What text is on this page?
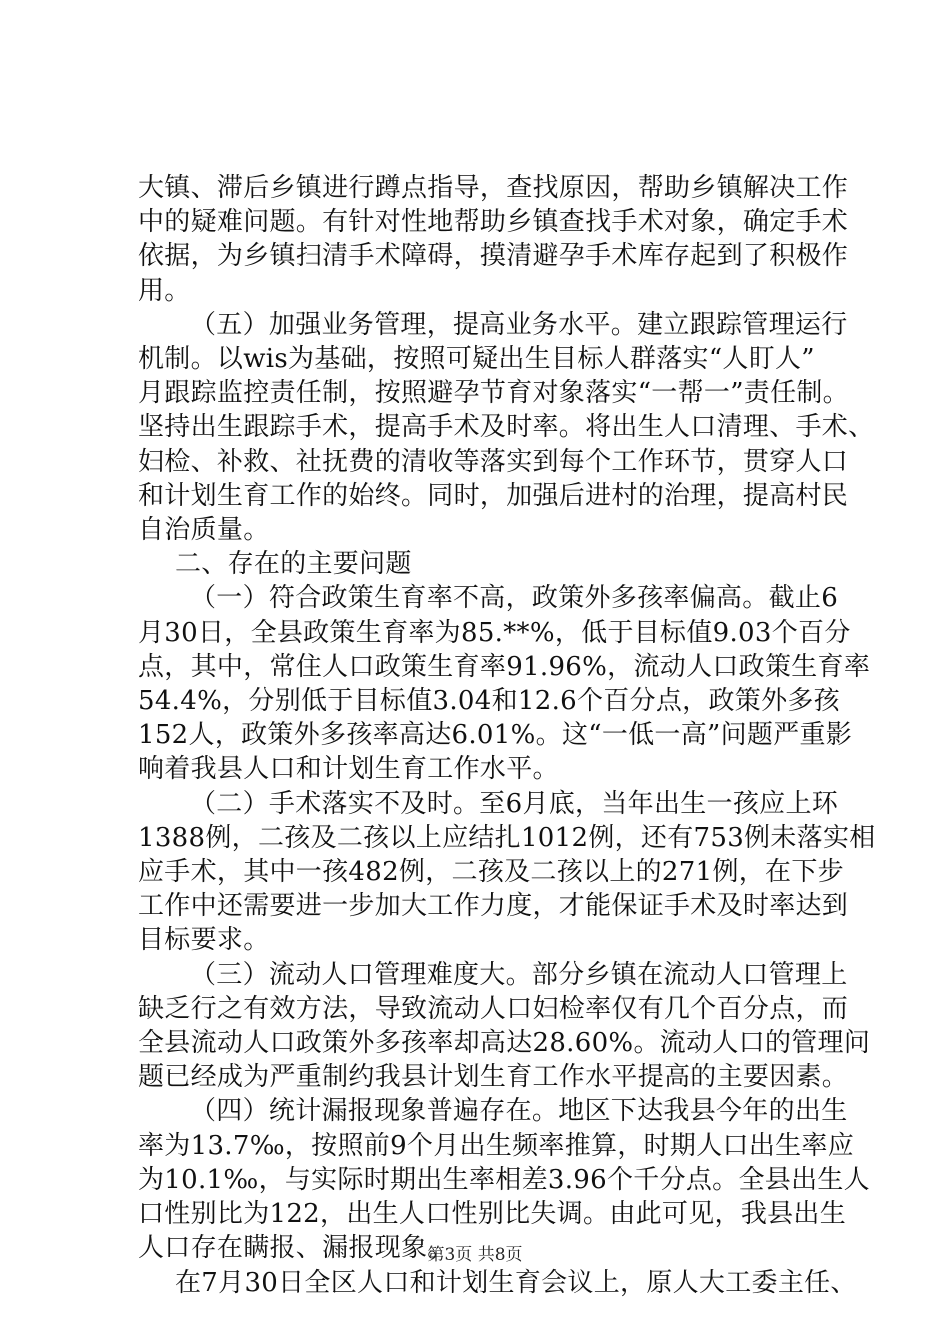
大镇、滞后乡镇进行蹲点指导，查找原因，帮助乡镇解决工作
中的疑难问题。有针对性地帮助乡镇查找手术对象，确定手术
依据，为乡镇扫清手术障碍，摸清避孕手术库存起到了积极作
用。
（五）加强业务管理，提高业务水平。建立跟踪管理运行
机制。以wis为基础，按照可疑出生目标人群落实“人盯人”
月跟踪监控责任制，按照避孕节育对象落实“一帮一”责任制。
坚持出生跟踪手术，提高手术及时率。将出生人口清理、手术、
妇检、补救、社抚费的清收等落实到每个工作环节，贯穿人口
和计划生育工作的始终。同时，加强后进村的治理，提高村民
自治质量。
二、存在的主要问题
（一）符合政策生育率不高，政策外多孩率偏高。截止6
月30日，全县政策生育率为85.**%，低于目标值9.03个百分
点，其中，常住人口政策生育率91.96%，流动人口政策生育率
54.4%，分别低于目标值3.04和12.6个百分点，政策外多孩
152人，政策外多孩率高达6.01%。这“一低一高”问题严重影
响着我县人口和计划生育工作水平。
（二）手术落实不及时。至6月底，当年出生一孩应上环
1388例，二孩及二孩以上应结扎1012例，还有753例未落实相
应手术，其中一孩482例，二孩及二孩以上的271例，在下步
工作中还需要进一步加大工作力度，才能保证手术及时率达到
目标要求。
（三）流动人口管理难度大。部分乡镇在流动人口管理上
缺乏行之有效方法，导致流动人口妇检率仅有几个百分点，而
全县流动人口政策外多孩率却高达28.60%。流动人口的管理问
题已经成为严重制约我县计划生育工作水平提高的主要因素。
（四）统计漏报现象普遍存在。地区下达我县今年的出生
率为13.7‰，按照前9个月出生频率推算，时期人口出生率应
为10.1‰，与实际时期出生率相差3.96个千分点。全县出生人
口性别比为122，出生人口性别比失调。由此可见，我县出生
人口存在瞒报、漏报现象。
在7月30日全区人口和计划生育会议上，原人大工委主任、
第3页 共8页
